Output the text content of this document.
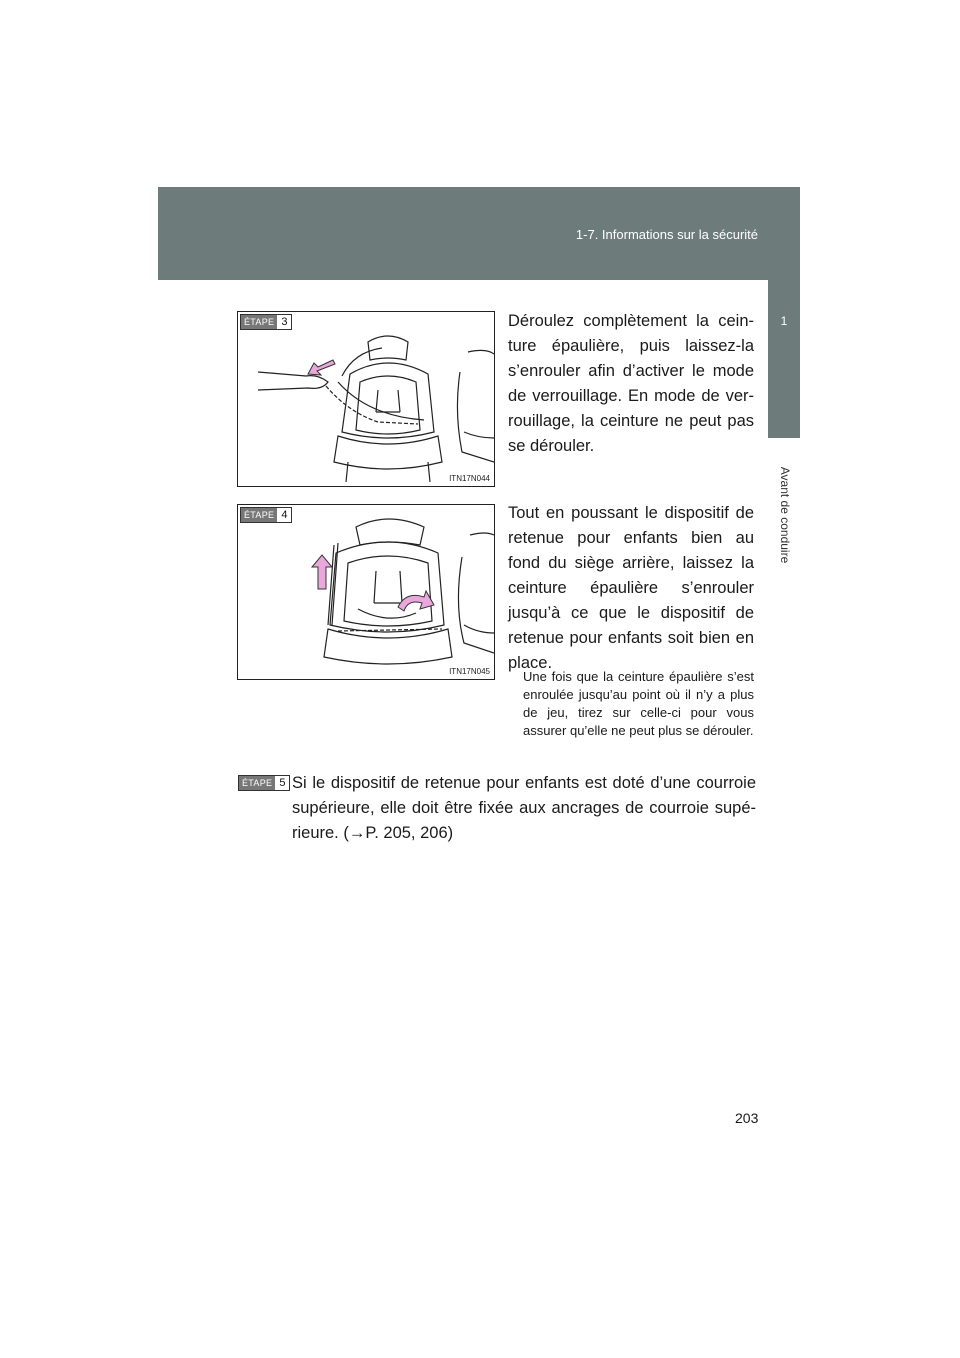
1-7. Informations sur la sécurité
1
Avant de conduire
ÉTAPE 3
ITN17N044
Déroulez complètement la cein-ture épaulière, puis laissez-la s’enrouler afin d’activer le mode de verrouillage. En mode de ver-rouillage, la ceinture ne peut pas se dérouler.
ÉTAPE 4
ITN17N045
Tout en poussant le dispositif de retenue pour enfants bien au fond du siège arrière, laissez la ceinture épaulière s’enrouler jusqu’à ce que le dispositif de retenue pour enfants soit bien en place.
Une fois que la ceinture épaulière s’est enroulée jusqu’au point où il n’y a plus de jeu, tirez sur celle-ci pour vous assurer qu’elle ne peut plus se dérouler.
ÉTAPE 5 Si le dispositif de retenue pour enfants est doté d’une courroie supérieure, elle doit être fixée aux ancrages de courroie supé-rieure. (→P. 205, 206)
203
